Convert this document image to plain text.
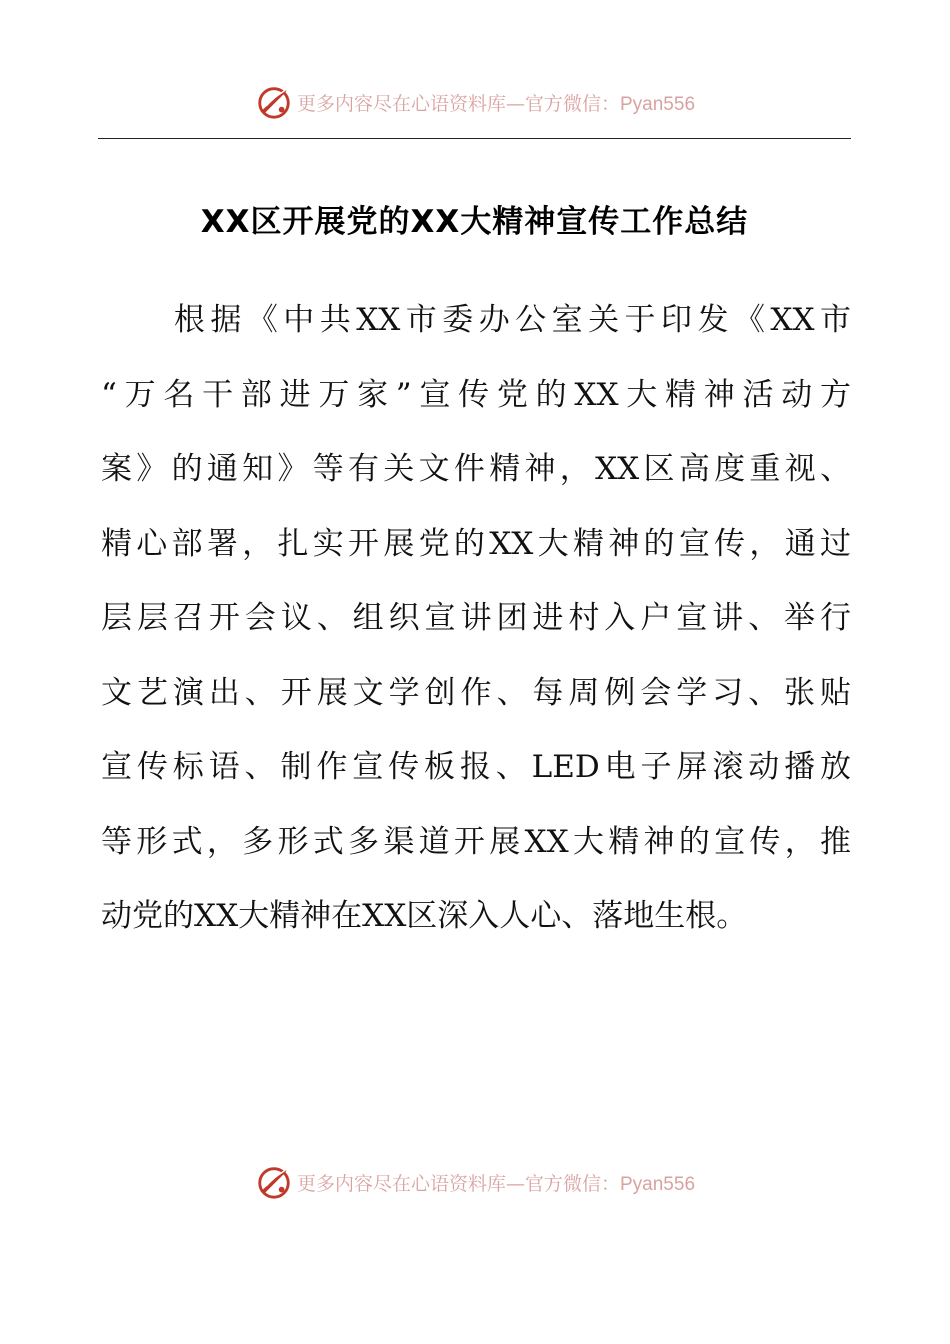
更多内容尽在心语资料库—官方微信：Pyan556
XX区开展党的XX大精神宣传工作总结
　　根据《中共XX市委办公室关于印发《XX市
“万名干部进万家”宣传党的XX大精神活动方
案》的通知》等有关文件精神，XX区高度重视、
精心部署，扎实开展党的XX大精神的宣传，通过
层层召开会议、组织宣讲团进村入户宣讲、举行
文艺演出、开展文学创作、每周例会学习、张贴
宣传标语、制作宣传板报、LED电子屏滚动播放
等形式，多形式多渠道开展XX大精神的宣传，推
动党的XX大精神在XX区深入人心、落地生根。
更多内容尽在心语资料库—官方微信：Pyan556
